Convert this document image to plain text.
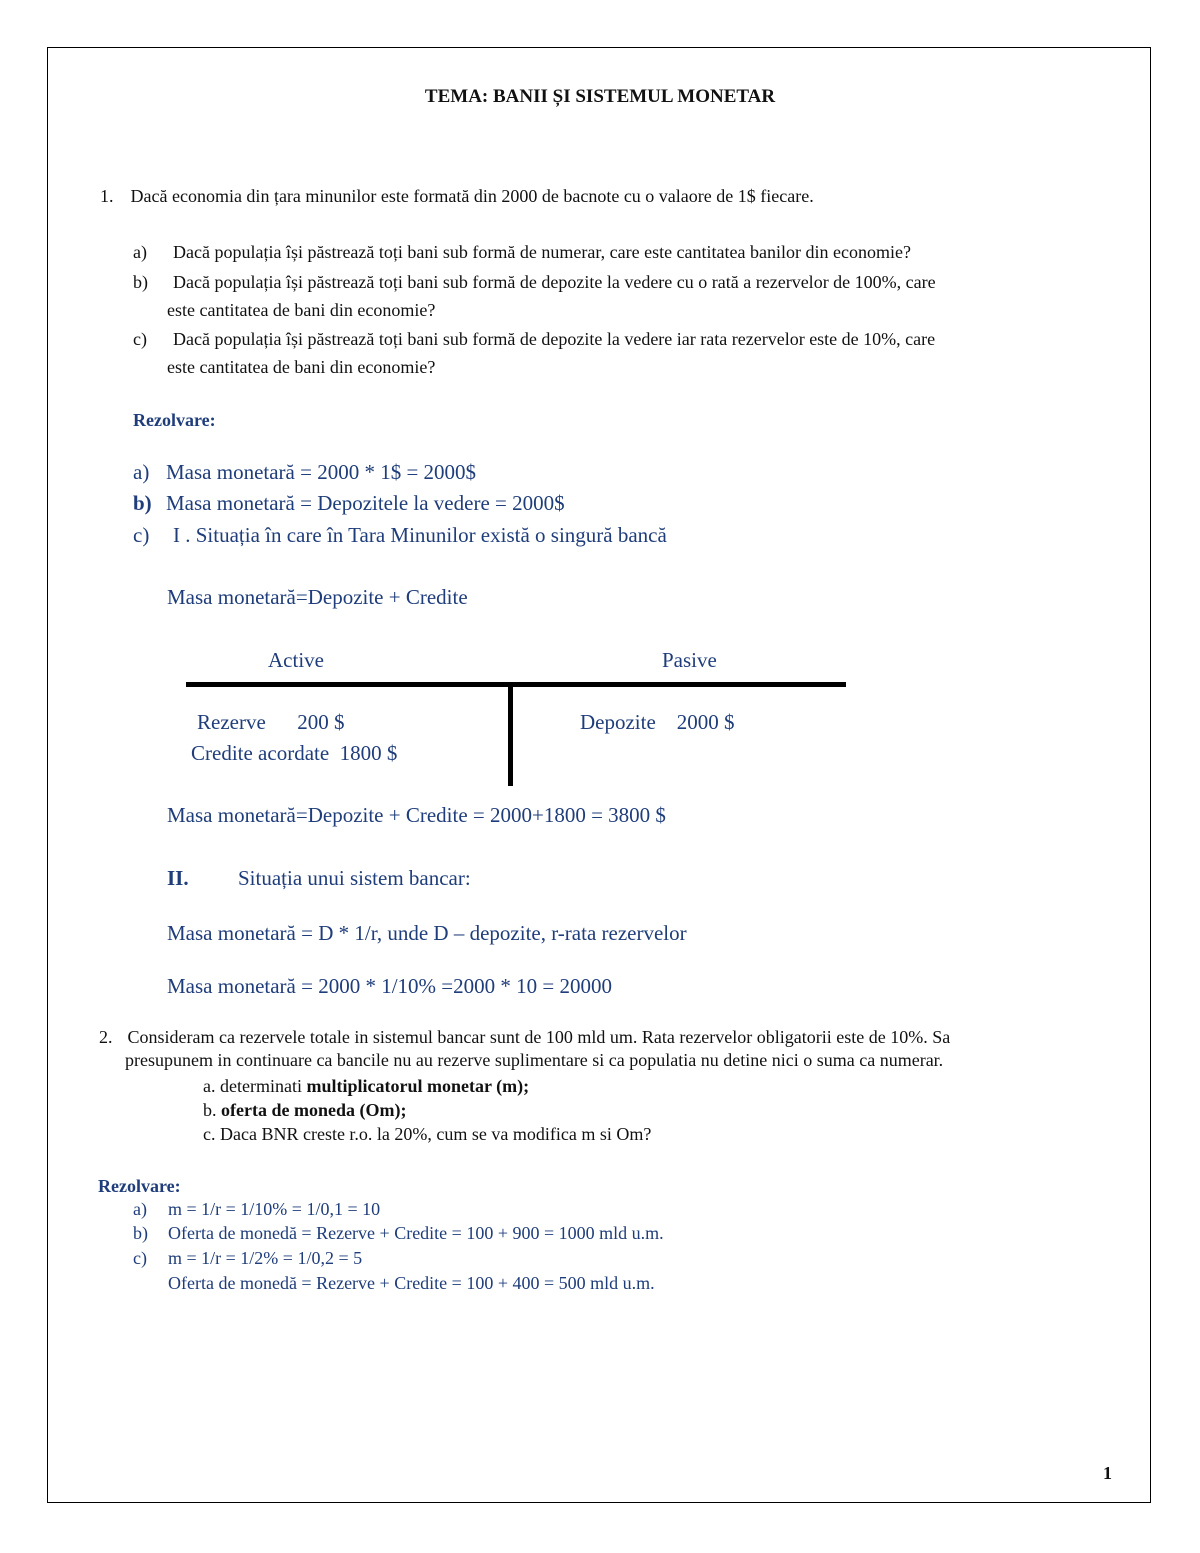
TEMA: BANII ȘI SISTEMUL MONETAR
1. Dacă economia din țara minunilor este formată din 2000 de bacnote cu o valaore de 1$ fiecare.
a) Dacă populația își păstrează toți bani sub formă de numerar, care este cantitatea banilor din economie?
b) Dacă populația își păstrează toți bani sub formă de depozite la vedere cu o rată a rezervelor de 100%, care
este cantitatea de bani din economie?
c) Dacă populația își păstrează toți bani sub formă de depozite la vedere iar rata rezervelor este de 10%, care
este cantitatea de bani din economie?
Rezolvare:
a) Masa monetară = 2000 * 1$ = 2000$
b) Masa monetară = Depozitele la vedere = 2000$
c) I . Situația în care în Tara Minunilor există o singură bancă
Masa monetară=Depozite + Credite
Active	Pasive
Rezerve      200 $
Credite acordate  1800 $
Depozite    2000 $
Masa monetară=Depozite + Credite = 2000+1800 = 3800 $
II. Situația unui sistem bancar:
Masa monetară = D * 1/r, unde D – depozite, r-rata rezervelor
Masa monetară = 2000 * 1/10% =2000 * 10 = 20000
2. Consideram ca rezervele totale in sistemul bancar sunt de 100 mld um. Rata rezervelor obligatorii este de 10%. Sa
presupunem in continuare ca bancile nu au rezerve suplimentare si ca populatia nu detine nici o suma ca numerar.
a. determinati multiplicatorul monetar (m);
b. oferta de moneda (Om);
c. Daca BNR creste r.o. la 20%, cum se va modifica m si Om?
Rezolvare:
a) m = 1/r = 1/10% = 1/0,1 = 10
b) Oferta de monedă = Rezerve + Credite = 100 + 900 = 1000 mld u.m.
c) m = 1/r = 1/2% = 1/0,2 = 5
Oferta de monedă = Rezerve + Credite = 100 + 400 = 500 mld u.m.
1
